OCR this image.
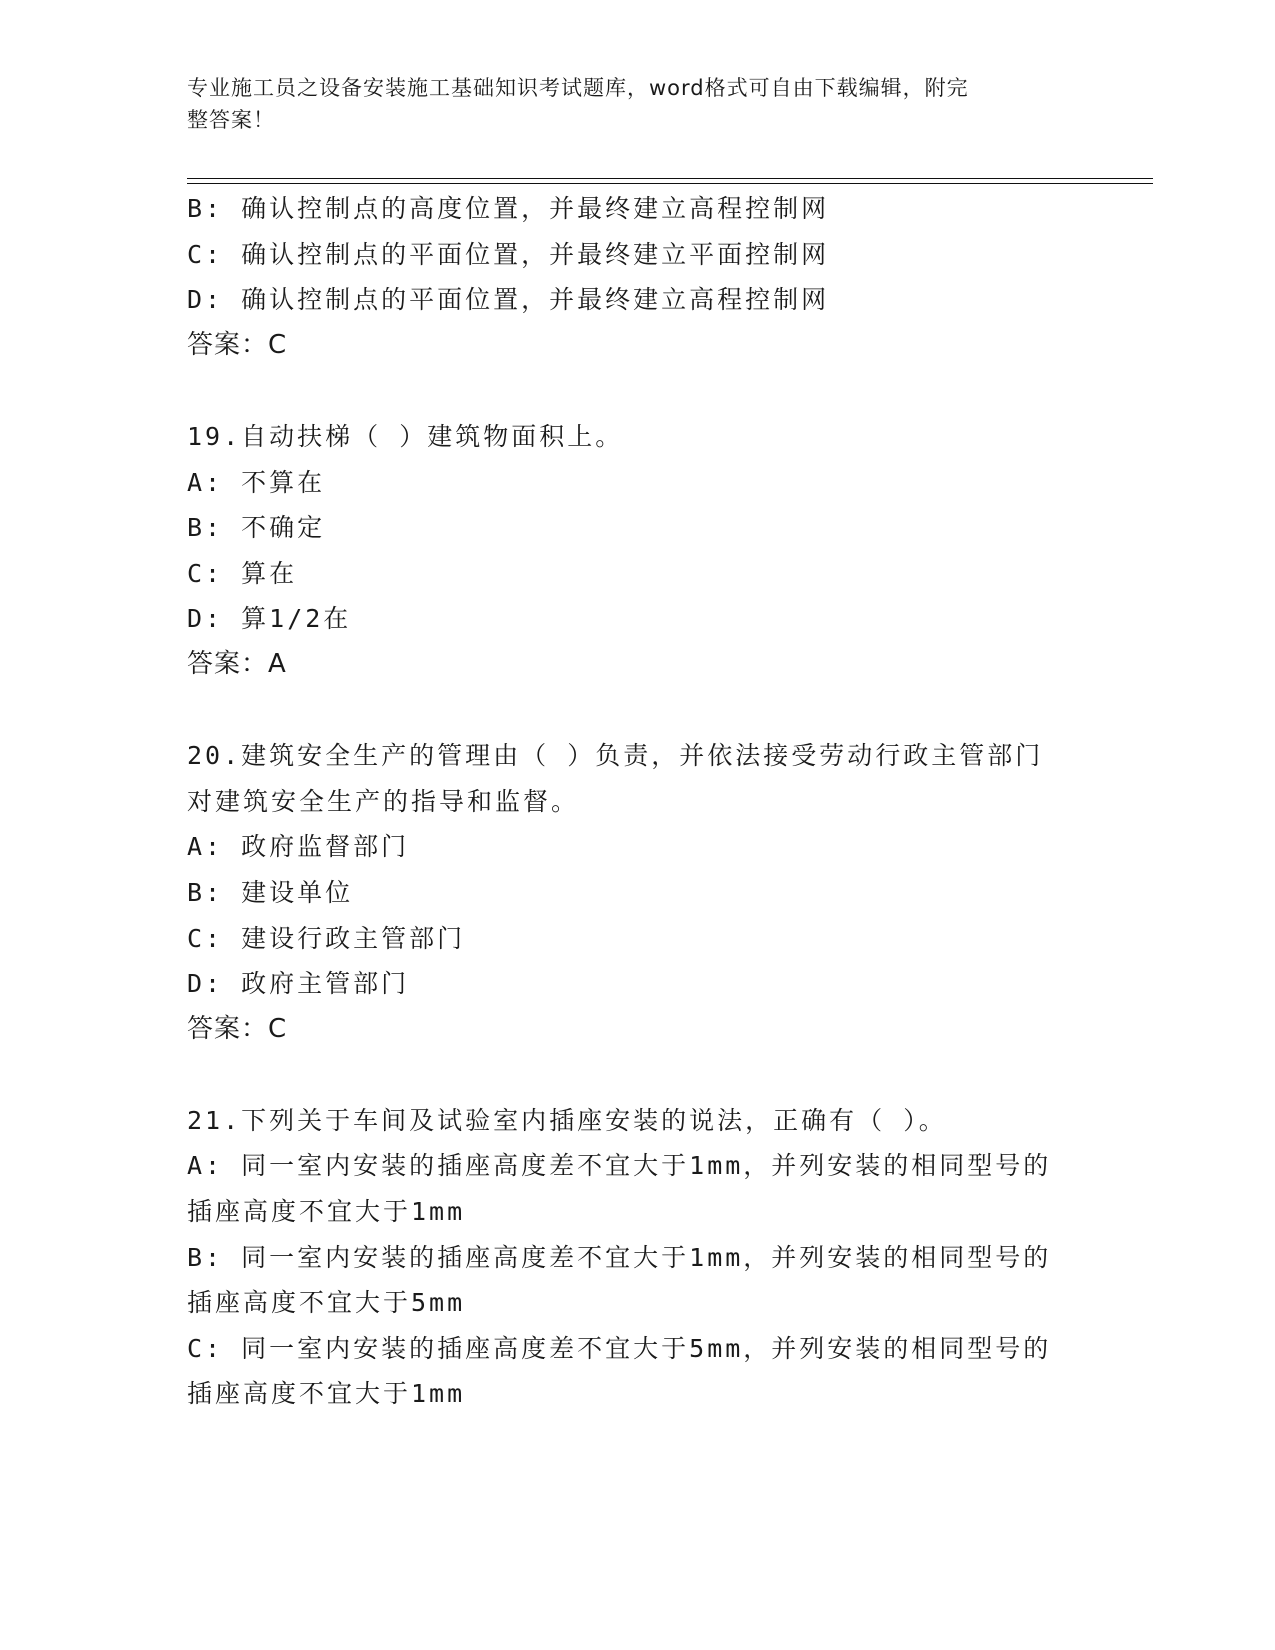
专业施工员之设备安装施工基础知识考试题库，word格式可自由下载编辑，附完
整答案！
B: 确认控制点的高度位置，并最终建立高程控制网
C: 确认控制点的平面位置，并最终建立平面控制网
D: 确认控制点的平面位置，并最终建立高程控制网
答案：C
19.自动扶梯（ ）建筑物面积上。
A: 不算在
B: 不确定
C: 算在
D: 算1/2在
答案：A
20.建筑安全生产的管理由（ ）负责，并依法接受劳动行政主管部门
对建筑安全生产的指导和监督。
A: 政府监督部门
B: 建设单位
C: 建设行政主管部门
D: 政府主管部门
答案：C
21.下列关于车间及试验室内插座安装的说法，正确有（ ）。
A: 同一室内安装的插座高度差不宜大于1mm，并列安装的相同型号的
插座高度不宜大于1mm
B: 同一室内安装的插座高度差不宜大于1mm，并列安装的相同型号的
插座高度不宜大于5mm
C: 同一室内安装的插座高度差不宜大于5mm，并列安装的相同型号的
插座高度不宜大于1mm
